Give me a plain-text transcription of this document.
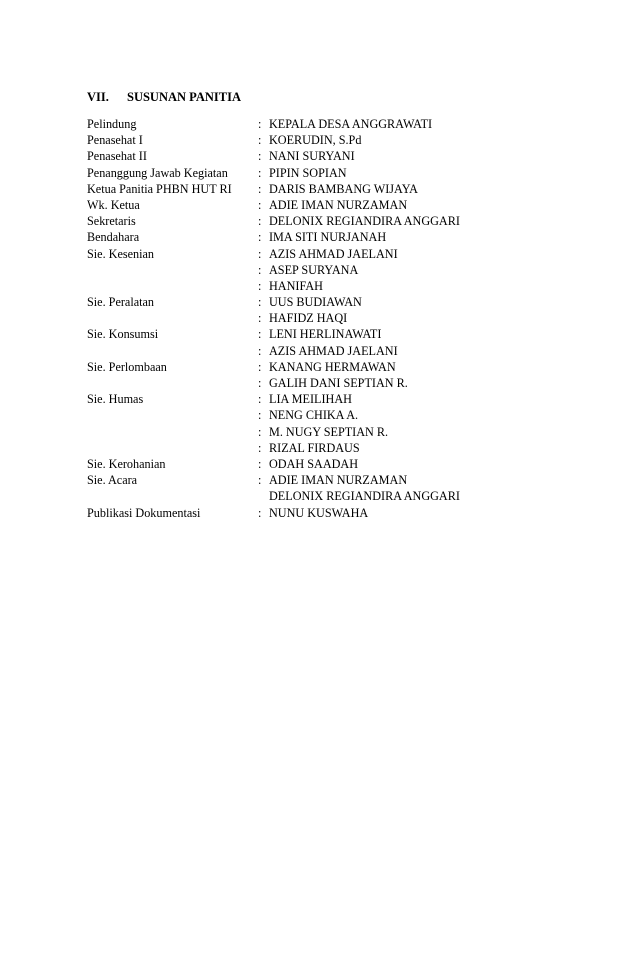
VII. SUSUNAN PANITIA
Pelindung	: KEPALA DESA ANGGRAWATI
Penasehat I	: KOERUDIN, S.Pd
Penasehat II	: NANI SURYANI
Penanggung Jawab Kegiatan : PIPIN SOPIAN
Ketua Panitia PHBN HUT RI : DARIS BAMBANG WIJAYA
Wk. Ketua	: ADIE IMAN NURZAMAN
Sekretaris	: DELONIX REGIANDIRA ANGGARI
Bendahara	: IMA SITI NURJANAH
Sie. Kesenian	: AZIS AHMAD JAELANI
: ASEP SURYANA
: HANIFAH
Sie. Peralatan	: UUS BUDIAWAN
: HAFIDZ HAQI
Sie. Konsumsi	: LENI HERLINAWATI
: AZIS AHMAD JAELANI
Sie. Perlombaan	: KANANG HERMAWAN
: GALIH DANI SEPTIAN R.
Sie. Humas	: LIA MEILIHAH
: NENG CHIKA A.
: M. NUGY SEPTIAN R.
: RIZAL FIRDAUS
Sie. Kerohanian	: ODAH SAADAH
Sie. Acara	: ADIE IMAN NURZAMAN
DELONIX REGIANDIRA ANGGARI
Publikasi Dokumentasi	: NUNU KUSWAHA
